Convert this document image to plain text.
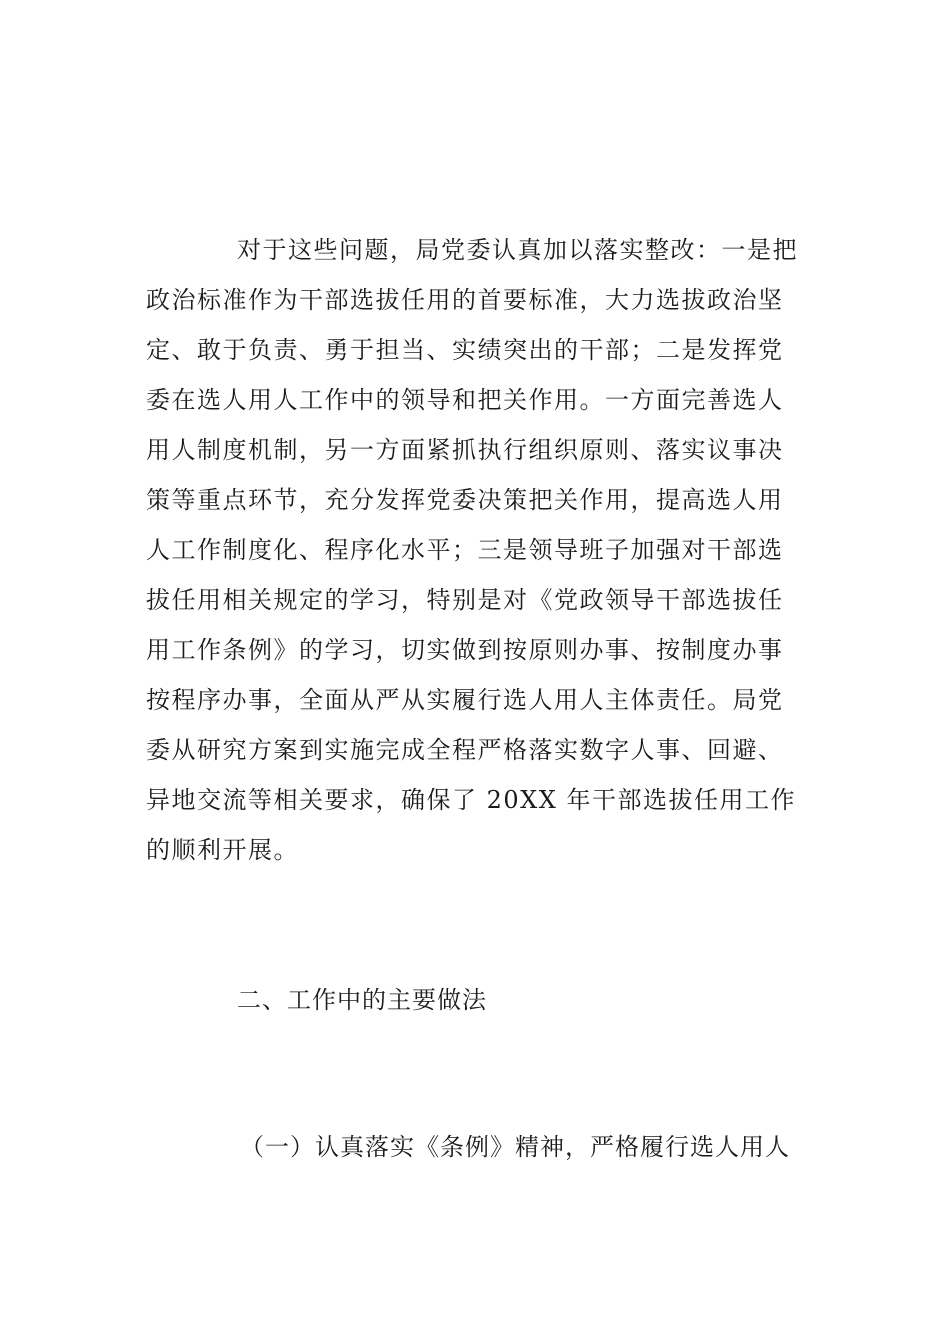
对于这些问题，局党委认真加以落实整改：一是把
政治标准作为干部选拔任用的首要标准，大力选拔政治坚
定、敢于负责、勇于担当、实绩突出的干部；二是发挥党
委在选人用人工作中的领导和把关作用。一方面完善选人
用人制度机制，另一方面紧抓执行组织原则、落实议事决
策等重点环节，充分发挥党委决策把关作用，提高选人用
人工作制度化、程序化水平；三是领导班子加强对干部选
拔任用相关规定的学习，特别是对《党政领导干部选拔任
用工作条例》的学习，切实做到按原则办事、按制度办事
按程序办事，全面从严从实履行选人用人主体责任。局党
委从研究方案到实施完成全程严格落实数字人事、回避、
异地交流等相关要求，确保了 20XX 年干部选拔任用工作
的顺利开展。
二、工作中的主要做法
（一）认真落实《条例》精神，严格履行选人用人
